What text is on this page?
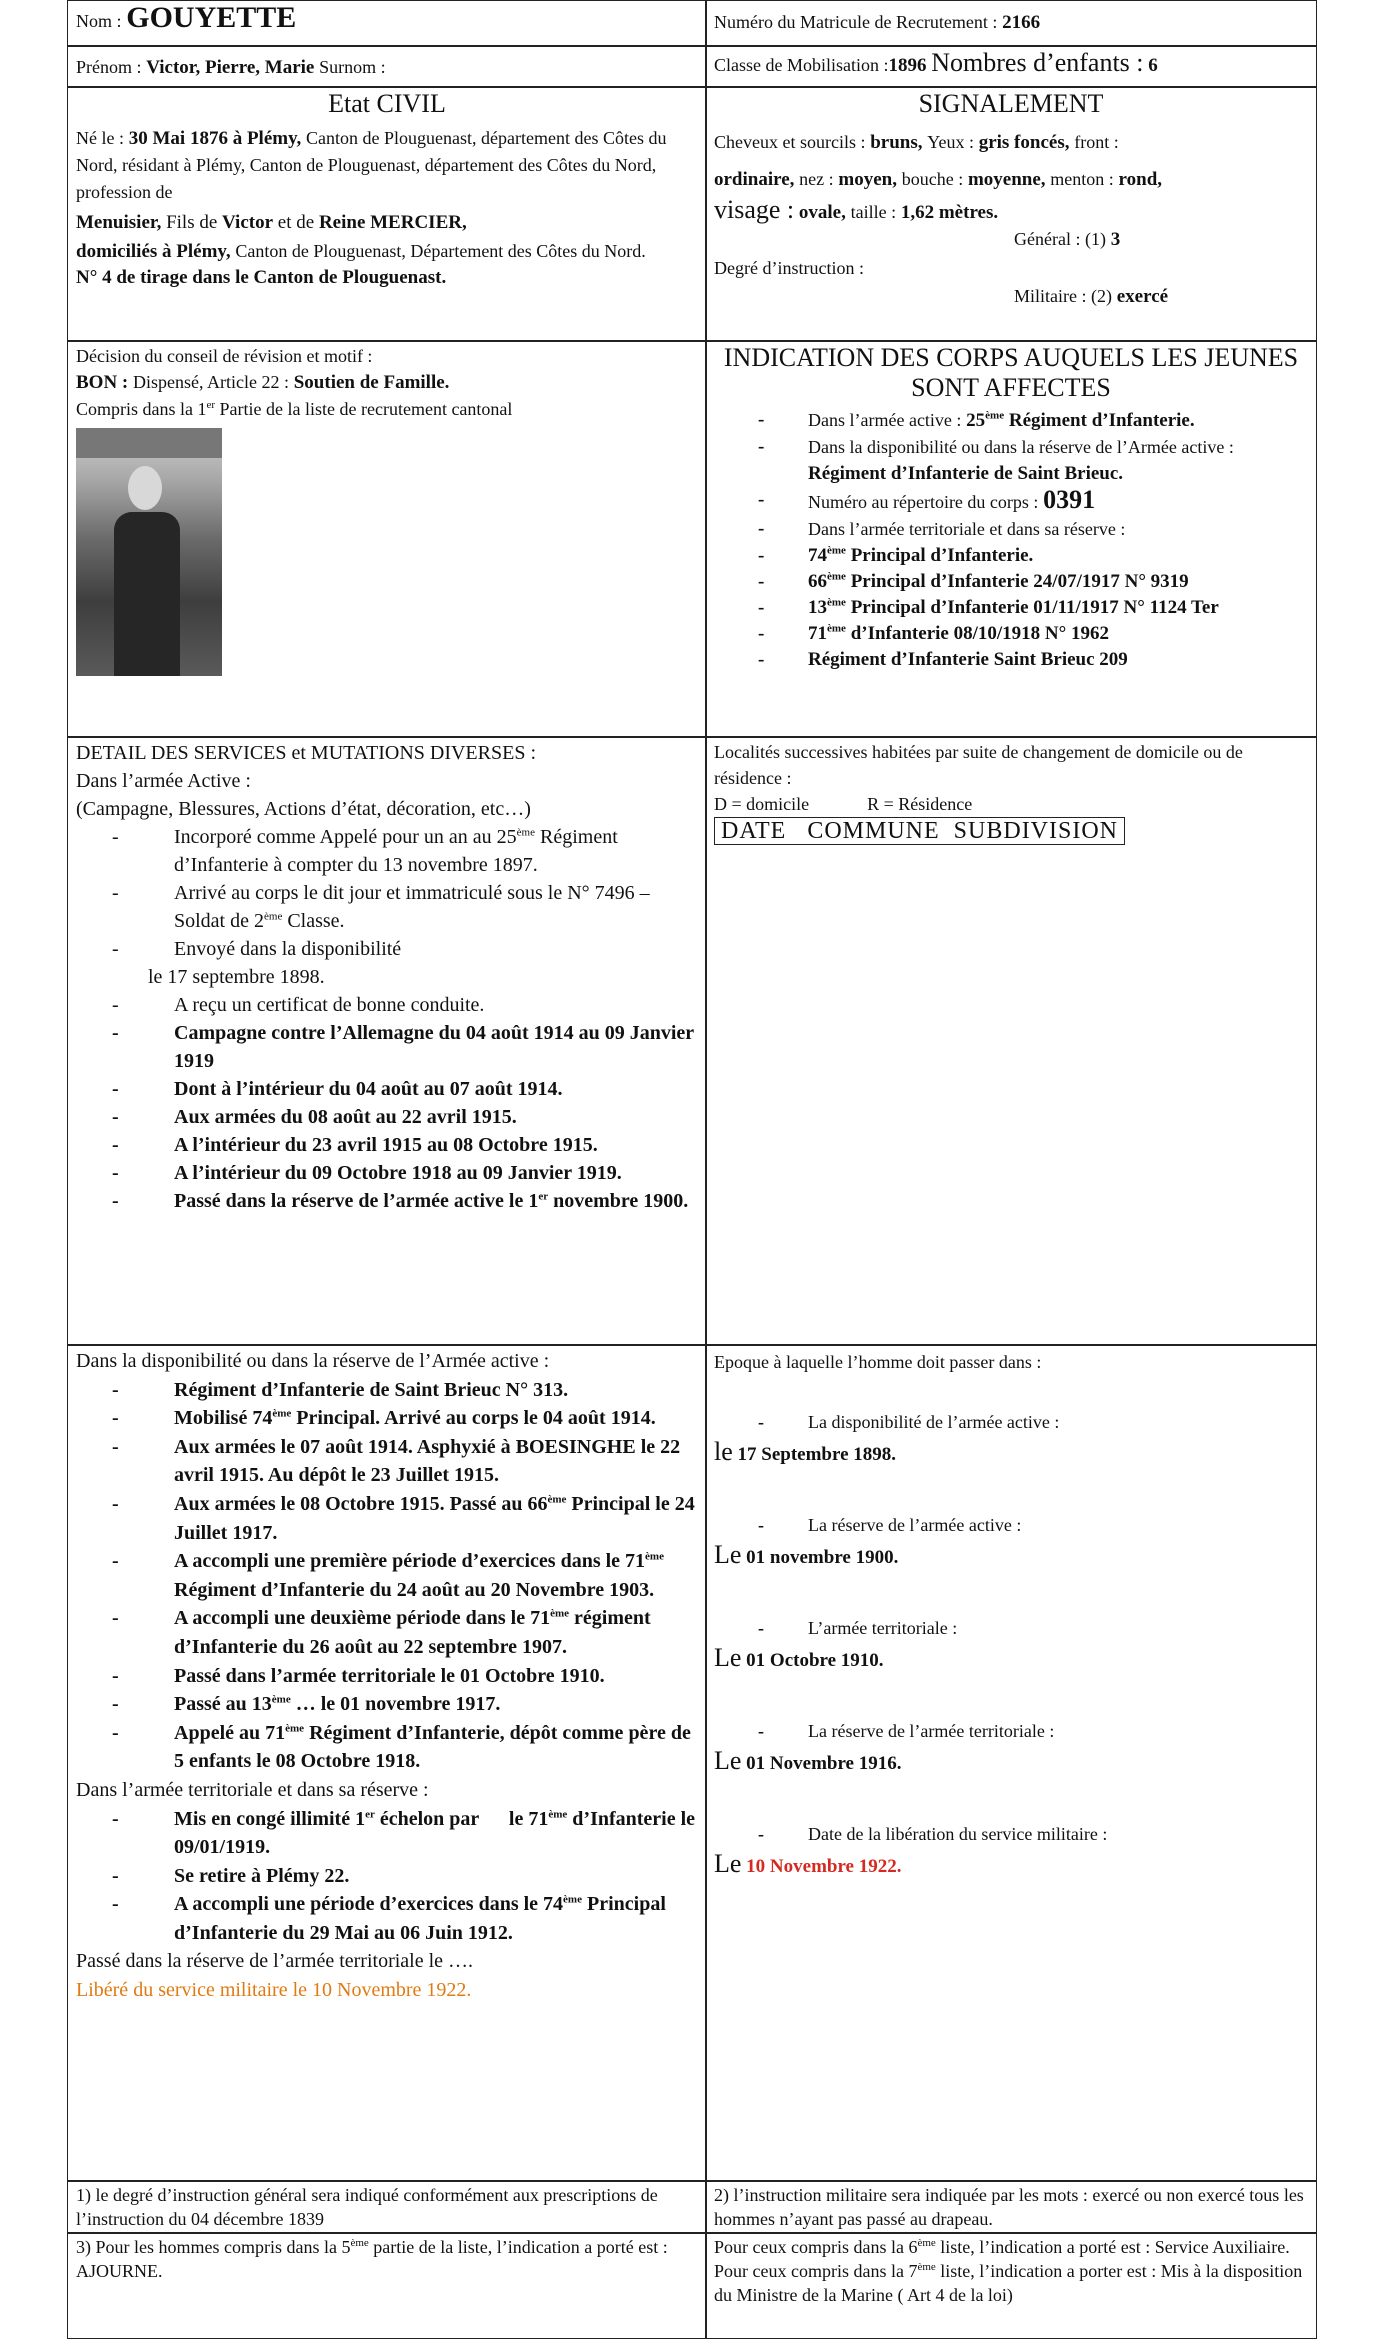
Nom : GOUYETTE	Numéro du Matricule de Recrutement : 2166
Prénom : Victor, Pierre, Marie Surnom :	Classe de Mobilisation :1896 Nombres d’enfants : 6
Etat CIVIL
Né le : 30 Mai 1876 à Plémy, Canton de Plouguenast, département des Côtes du Nord, résidant à Plémy, Canton de Plouguenast, département des Côtes du Nord, profession de
Menuisier, Fils de Victor et de Reine MERCIER,
domiciliés à Plémy, Canton de Plouguenast, Département des Côtes du Nord.
N° 4 de tirage dans le Canton de Plouguenast.
SIGNALEMENT
Cheveux et sourcils : bruns, Yeux : gris foncés, front :
ordinaire, nez : moyen, bouche : moyenne, menton : rond,
visage : ovale, taille : 1,62 mètres.
Général : (1) 3
Degré d’instruction :
Militaire : (2) exercé
Décision du conseil de révision et motif :
BON : Dispensé, Article 22 : Soutien de Famille.
Compris dans la 1er Partie de la liste de recrutement cantonal
INDICATION DES CORPS AUQUELS LES JEUNES SONT AFFECTES
- Dans l’armée active : 25ème Régiment d’Infanterie.
- Dans la disponibilité ou dans la réserve de l’Armée active : Régiment d’Infanterie de Saint Brieuc.
- Numéro au répertoire du corps : 0391
- Dans l’armée territoriale et dans sa réserve :
- 74ème Principal d’Infanterie.
- 66ème Principal d’Infanterie 24/07/1917 N° 9319
- 13ème Principal d’Infanterie 01/11/1917 N° 1124 Ter
- 71ème d’Infanterie 08/10/1918 N° 1962
- Régiment d’Infanterie Saint Brieuc 209
DETAIL DES SERVICES et MUTATIONS DIVERSES :
Dans l’armée Active :
(Campagne, Blessures, Actions d’état, décoration, etc…)
- Incorporé comme Appelé pour un an au 25ème Régiment d’Infanterie à compter du 13 novembre 1897.
- Arrivé au corps le dit jour et immatriculé sous le N° 7496 – Soldat de 2ème Classe.
- Envoyé dans la disponibilité
le 17 septembre 1898.
- A reçu un certificat de bonne conduite.
- Campagne contre l’Allemagne du 04 août 1914 au 09 Janvier 1919
- Dont à l’intérieur du 04 août au 07 août 1914.
- Aux armées du 08 août au 22 avril 1915.
- A l’intérieur du 23 avril 1915 au 08 Octobre 1915.
- A l’intérieur du 09 Octobre 1918 au 09 Janvier 1919.
- Passé dans la réserve de l’armée active le 1er novembre 1900.
Localités successives habitées par suite de changement de domicile ou de résidence :
D = domicile	R = Résidence
DATE   COMMUNE  SUBDIVISION
Dans la disponibilité ou dans la réserve de l’Armée active :
- Régiment d’Infanterie de Saint Brieuc N° 313.
- Mobilisé 74ème Principal. Arrivé au corps le 04 août 1914.
- Aux armées le 07 août 1914. Asphyxié à BOESINGHE le 22 avril 1915. Au dépôt le 23 Juillet 1915.
- Aux armées le 08 Octobre 1915. Passé au 66ème Principal le 24 Juillet 1917.
- A accompli une première période d’exercices dans le 71ème Régiment d’Infanterie du 24 août au 20 Novembre 1903.
- A accompli une deuxième période dans le 71ème régiment d’Infanterie du 26 août au 22 septembre 1907.
- Passé dans l’armée territoriale le 01 Octobre 1910.
- Passé au 13ème … le 01 novembre 1917.
- Appelé au 71ème Régiment d’Infanterie, dépôt comme père de 5 enfants le 08 Octobre 1918.
Dans l’armée territoriale et dans sa réserve :
- Mis en congé illimité 1er échelon par      le 71ème d’Infanterie le 09/01/1919.
- Se retire à Plémy 22.
- A accompli une période d’exercices dans le 74ème Principal d’Infanterie du 29 Mai au 06 Juin 1912.
Passé dans la réserve de l’armée territoriale le ….
Libéré du service militaire le 10 Novembre 1922.
Epoque à laquelle l’homme doit passer dans :
- La disponibilité de l’armée active :
le 17 Septembre 1898.
- La réserve de l’armée active :
Le 01 novembre 1900.
- L’armée territoriale :
Le 01 Octobre 1910.
- La réserve de l’armée territoriale :
Le 01 Novembre 1916.
- Date de la libération du service militaire :
Le 10 Novembre 1922.
1) le degré d’instruction général sera indiqué conformément aux prescriptions de l’instruction du 04 décembre 1839
2) l’instruction militaire sera indiquée par les mots : exercé ou non exercé tous les hommes n’ayant pas passé au drapeau.
3) Pour les hommes compris dans la 5ème partie de la liste, l’indication a porté est : AJOURNE.
Pour ceux compris dans la 6ème liste, l’indication a porté est : Service Auxiliaire.
Pour ceux compris dans la 7ème liste, l’indication a porter est : Mis à la disposition du Ministre de la Marine ( Art 4 de la loi)
